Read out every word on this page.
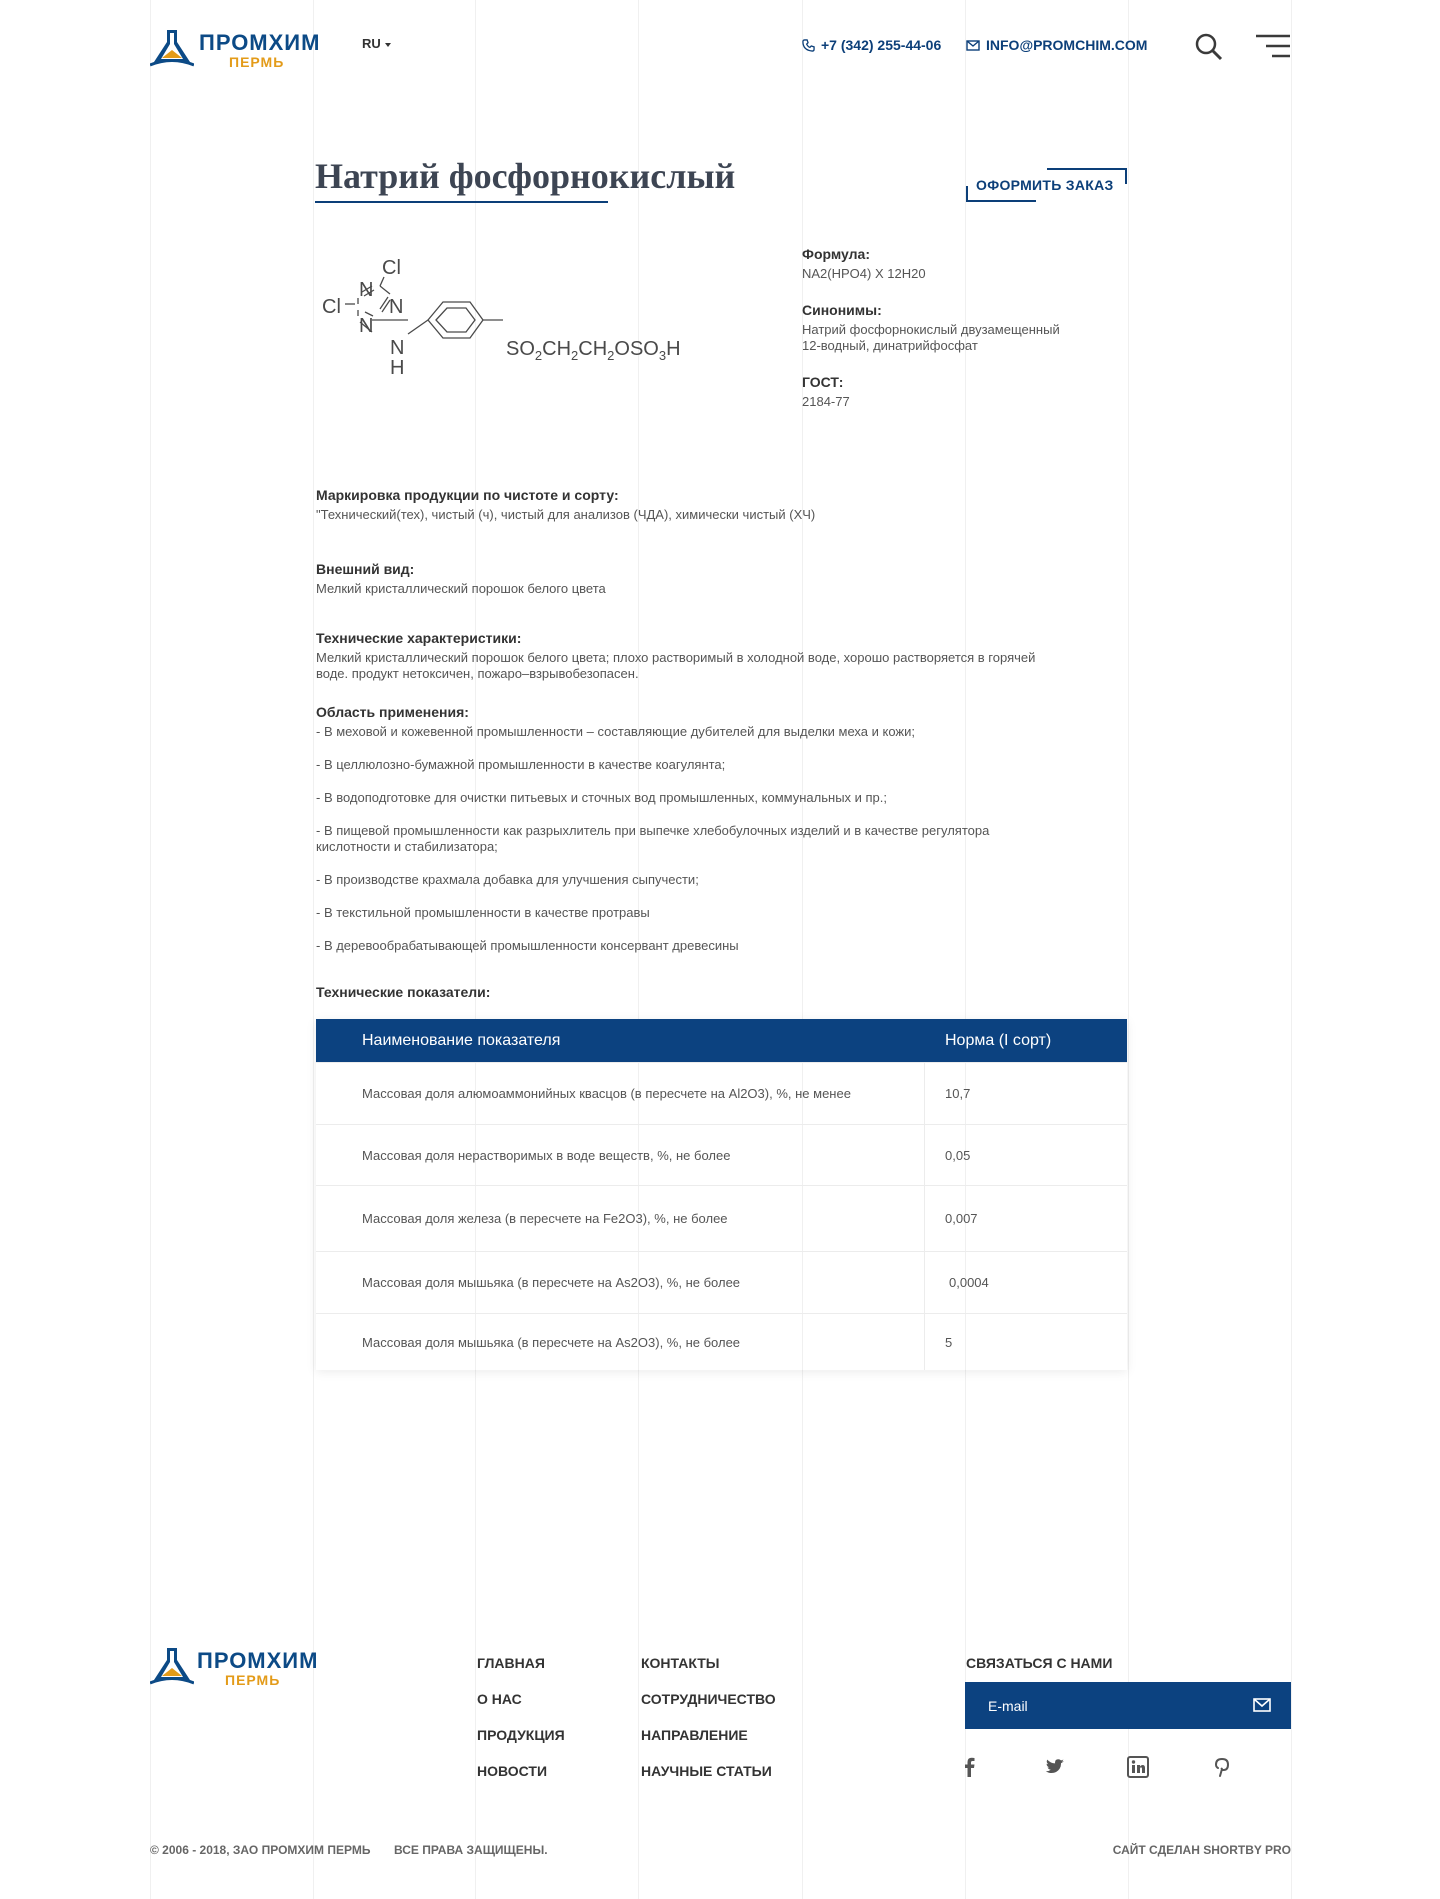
ПРОМХИМ
ПЕРМЬ
RU	+7 (342) 255-44-06	INFO@PROMCHIM.COM
Натрий фосфорнокислый	ОФОРМИТЬ ЗАКАЗ
Cl
N
Cl N
N
N
H
$SO_2CH_2CH_2OSO_3H$
Формула:
NA2(HPO4) X 12H20
Синонимы:
Натрий фосфорнокислый двузамещенный
12-водный, динатрийфосфат
ГОСТ:
2184-77
Маркировка продукции по чистоте и сорту:
"Технический(тех), чистый (ч), чистый для анализов (ЧДА), химически чистый (ХЧ)
Внешний вид:
Мелкий кристаллический порошок белого цвета
Технические характеристики:
Мелкий кристаллический порошок белого цвета; плохо растворимый в холодной воде, хорошо растворяется в горячей
воде. продукт нетоксичен, пожаро–взрывобезопасен.
Область применения:
- В меховой и кожевенной промышленности – составляющие дубителей для выделки меха и кожи;
- В целлюлозно-бумажной промышленности в качестве коагулянта;
- В водоподготовке для очистки питьевых и сточных вод промышленных, коммунальных и пр.;
- В пищевой промышленности как разрыхлитель при выпечке хлебобулочных изделий и в качестве регулятора
кислотности и стабилизатора;
- В производстве крахмала добавка для улучшения сыпучести;
- В текстильной промышленности в качестве протравы
- В деревообрабатывающей промышленности консервант древесины
Технические показатели:
Наименование показателя	Норма (I сорт)
Массовая доля алюмоаммонийных квасцов (в пересчете на Al2O3), %, не менее	10,7
Массовая доля нерастворимых в воде веществ, %, не более	0,05
Массовая доля железа (в пересчете на Fe2O3), %, не более	0,007
Массовая доля мышьяка (в пересчете на As2O3), %, не более	0,0004
Массовая доля мышьяка (в пересчете на As2O3), %, не более	5
ПРОМХИМ
ПЕРМЬ
ГЛАВНАЯ
О НАС
ПРОДУКЦИЯ
НОВОСТИ
КОНТАКТЫ
СОТРУДНИЧЕСТВО
НАПРАВЛЕНИЕ
НАУЧНЫЕ СТАТЬИ
СВЯЗАТЬСЯ С НАМИ
E-mail
© 2006 - 2018, ЗАО ПРОМХИМ ПЕРМЬ ВСЕ ПРАВА ЗАЩИЩЕНЫ.	САЙТ СДЕЛАН SHORTBY PRO
